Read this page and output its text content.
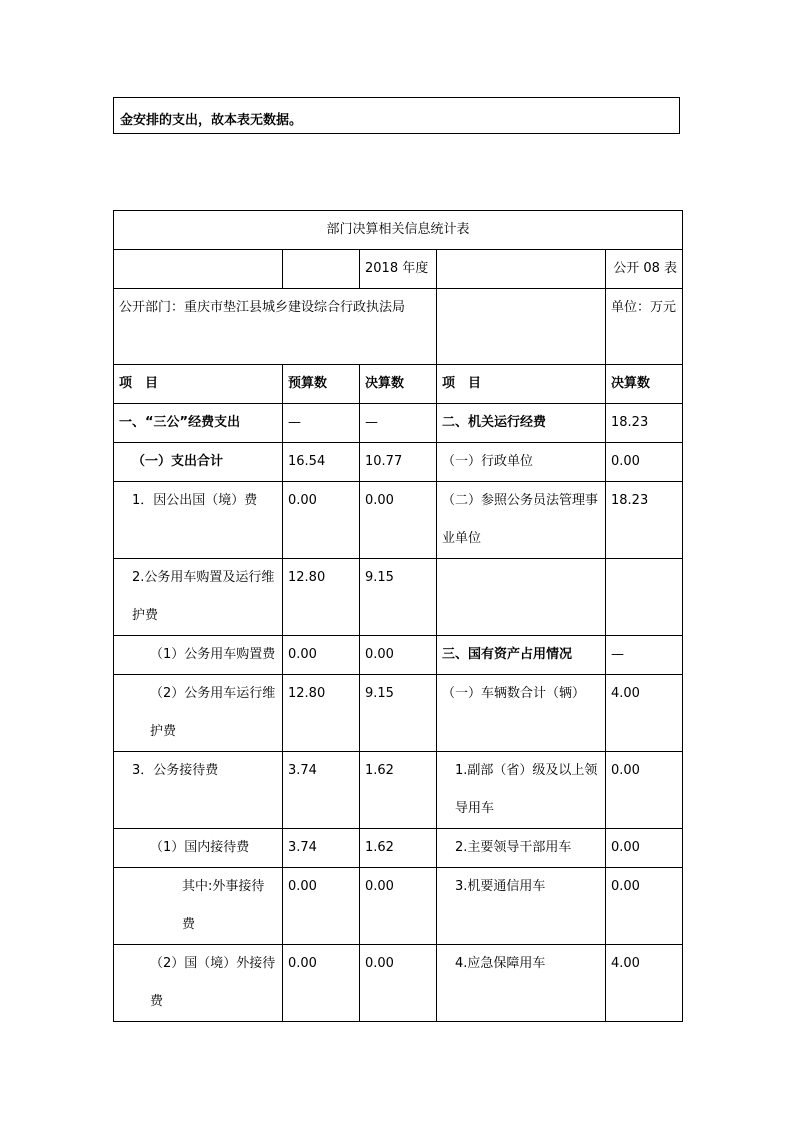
金安排的支出，故本表无数据。
部门决算相关信息统计表				
		2018 年度		公开 08 表
公开部门：重庆市垫江县城乡建设综合行政执法局				单位：万元
项　目	预算数	决算数	项　目	决算数
一、“三公”经费支出	—	—	二、机关运行经费	18.23
（一）支出合计	16.54	10.77	（一）行政单位	0.00
1．因公出国（境）费	0.00	0.00	（二）参照公务员法管理事业单位	18.23
2.公务用车购置及运行维护费	12.80	9.15		
（1）公务用车购置费	0.00	0.00	三、国有资产占用情况	—
（2）公务用车运行维护费	12.80	9.15	（一）车辆数合计（辆）	4.00
3．公务接待费	3.74	1.62	1.副部（省）级及以上领导用车	0.00
（1）国内接待费	3.74	1.62	2.主要领导干部用车	0.00
其中:外事接待费	0.00	0.00	3.机要通信用车	0.00
（2）国（境）外接待费	0.00	0.00	4.应急保障用车	4.00
